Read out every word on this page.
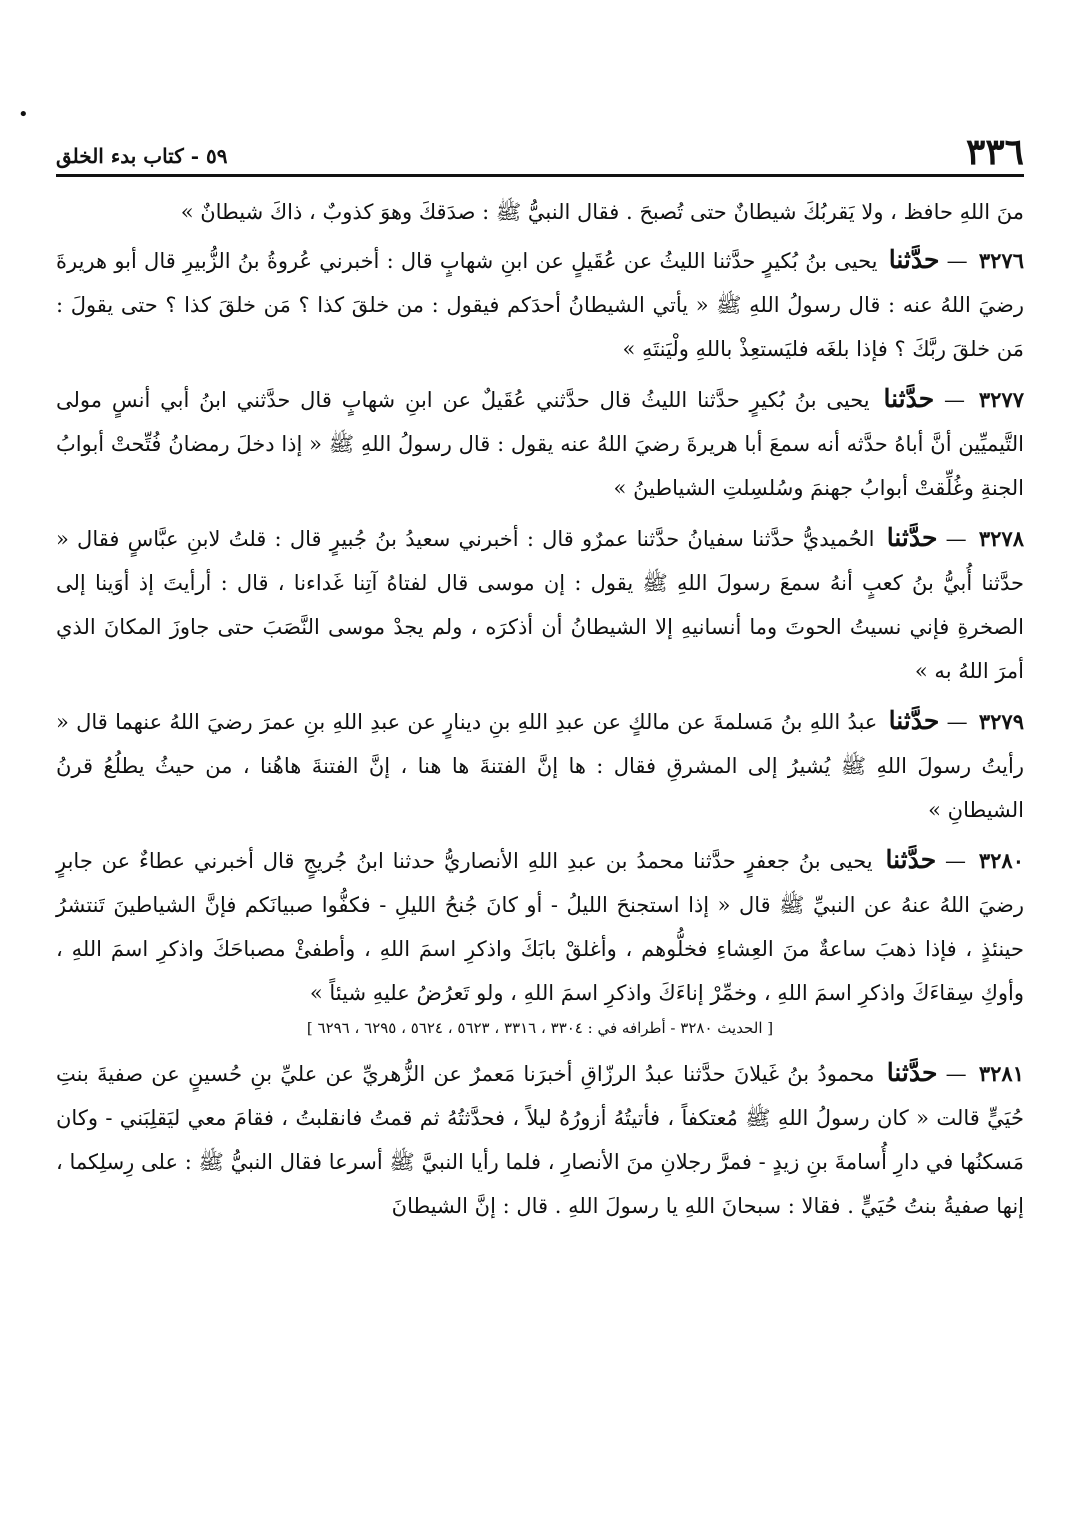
•
٣٣٦
٥٩ - كتاب بدء الخلق

منَ اللهِ حافظ ، ولا يَقربُكَ شيطانٌ حتى تُصبحَ . فقال النبيُّ ﷺ : صدَقكَ وهوَ كذوبٌ ، ذاكَ شيطانٌ »

٣٢٧٦ — حدَّثنا يحيى بنُ بُكيرٍ حدَّثنا الليثُ عن عُقَيلٍ عن ابنِ شهابٍ قال : أخبرني عُروةُ بنُ الزُّبيرِ قال أبو هريرةَ رضيَ اللهُ عنه : قال رسولُ اللهِ ﷺ « يأتي الشيطانُ أحدَكم فيقول : من خلقَ كذا ؟ مَن خلقَ كذا ؟ حتى يقولَ : مَن خلقَ ربَّكَ ؟ فإذا بلغَه فليَستعِذْ باللهِ ولْيَنتَهِ »

٣٢٧٧ — حدَّثنا يحيى بنُ بُكيرٍ حدَّثنا الليثُ قال حدَّثني عُقَيلٌ عن ابنِ شهابٍ قال حدَّثني ابنُ أبي أنسٍ مولى التَّيميِّين أنَّ أباهُ حدَّثه أنه سمعَ أبا هريرةَ رضيَ اللهُ عنه يقول : قال رسولُ اللهِ ﷺ « إذا دخلَ رمضانُ فُتِّحتْ أبوابُ الجنةِ وغُلِّقتْ أبوابُ جهنمَ وسُلسِلتِ الشياطينُ »

٣٢٧٨ — حدَّثنا الحُميديُّ حدَّثنا سفيانُ حدَّثنا عمرٌو قال : أخبرني سعيدُ بنُ جُبيرٍ قال : قلتُ لابنِ عبَّاسٍ فقال « حدَّثنا أُبيُّ بنُ كعبٍ أنهُ سمعَ رسولَ اللهِ ﷺ يقول : إن موسى قال لفتاهُ آتِنا غَداءنا ، قال : أرأيتَ إذ أوَينا إلى الصخرةِ فإني نسيتُ الحوتَ وما أنسانيهِ إلا الشيطانُ أن أذكرَه ، ولم يجدْ موسى النَّصَبَ حتى جاوزَ المكانَ الذي أمرَ اللهُ به »

٣٢٧٩ — حدَّثنا عبدُ اللهِ بنُ مَسلمةَ عن مالكٍ عن عبدِ اللهِ بنِ دينارٍ عن عبدِ اللهِ بنِ عمرَ رضيَ اللهُ عنهما قال « رأيتُ رسولَ اللهِ ﷺ يُشيرُ إلى المشرقِ فقال : ها إنَّ الفتنةَ ها هنا ، إنَّ الفتنةَ هاهُنا ، من حيثُ يطلُعُ قرنُ الشيطانِ »

٣٢٨٠ — حدَّثنا يحيى بنُ جعفرٍ حدَّثنا محمدُ بن عبدِ اللهِ الأنصاريُّ حدثنا ابنُ جُريجٍ قال أخبرني عطاءٌ عن جابرٍ رضيَ اللهُ عنهُ عن النبيِّ ﷺ قال « إذا استجنحَ الليلُ - أو كانَ جُنحُ الليلِ - فكفُّوا صبيانَكم فإنَّ الشياطينَ تَنتشرُ حينئذٍ ، فإذا ذهبَ ساعةٌ منَ العِشاءِ فخلُّوهم ، وأغلقْ بابَكَ واذكرِ اسمَ اللهِ ، وأطفئْ مصباحَكَ واذكرِ اسمَ اللهِ ، وأوكِ سِقاءَكَ واذكرِ اسمَ اللهِ ، وخمِّرْ إناءَكَ واذكرِ اسمَ اللهِ ، ولو تَعرُضُ عليهِ شيئاً »

[ الحديث ٣٢٨٠ - أطرافه في : ٣٣٠٤ ، ٣٣١٦ ، ٥٦٢٣ ، ٥٦٢٤ ، ٦٢٩٥ ، ٦٢٩٦ ]

٣٢٨١ — حدَّثنا محمودُ بنُ غَيلانَ حدَّثنا عبدُ الرزّاقِ أخبرَنا مَعمرٌ عن الزُّهريِّ عن عليِّ بنِ حُسينٍ عن صفيةَ بنتِ حُيَيٍّ قالت « كان رسولُ اللهِ ﷺ مُعتكفاً ، فأتيتُهُ أزورُهُ ليلاً ، فحدَّثتُهُ ثم قمتُ فانقلبتُ ، فقامَ معي ليَقلِبَني - وكان مَسكنُها في دارِ أُسامةَ بنِ زيدٍ - فمرَّ رجلانِ منَ الأنصارِ ، فلما رأيا النبيَّ ﷺ أسرعا فقال النبيُّ ﷺ : على رِسلِكما ، إنها صفيةُ بنتُ حُيَيٍّ . فقالا : سبحانَ اللهِ يا رسولَ اللهِ . قال : إنَّ الشيطانَ
